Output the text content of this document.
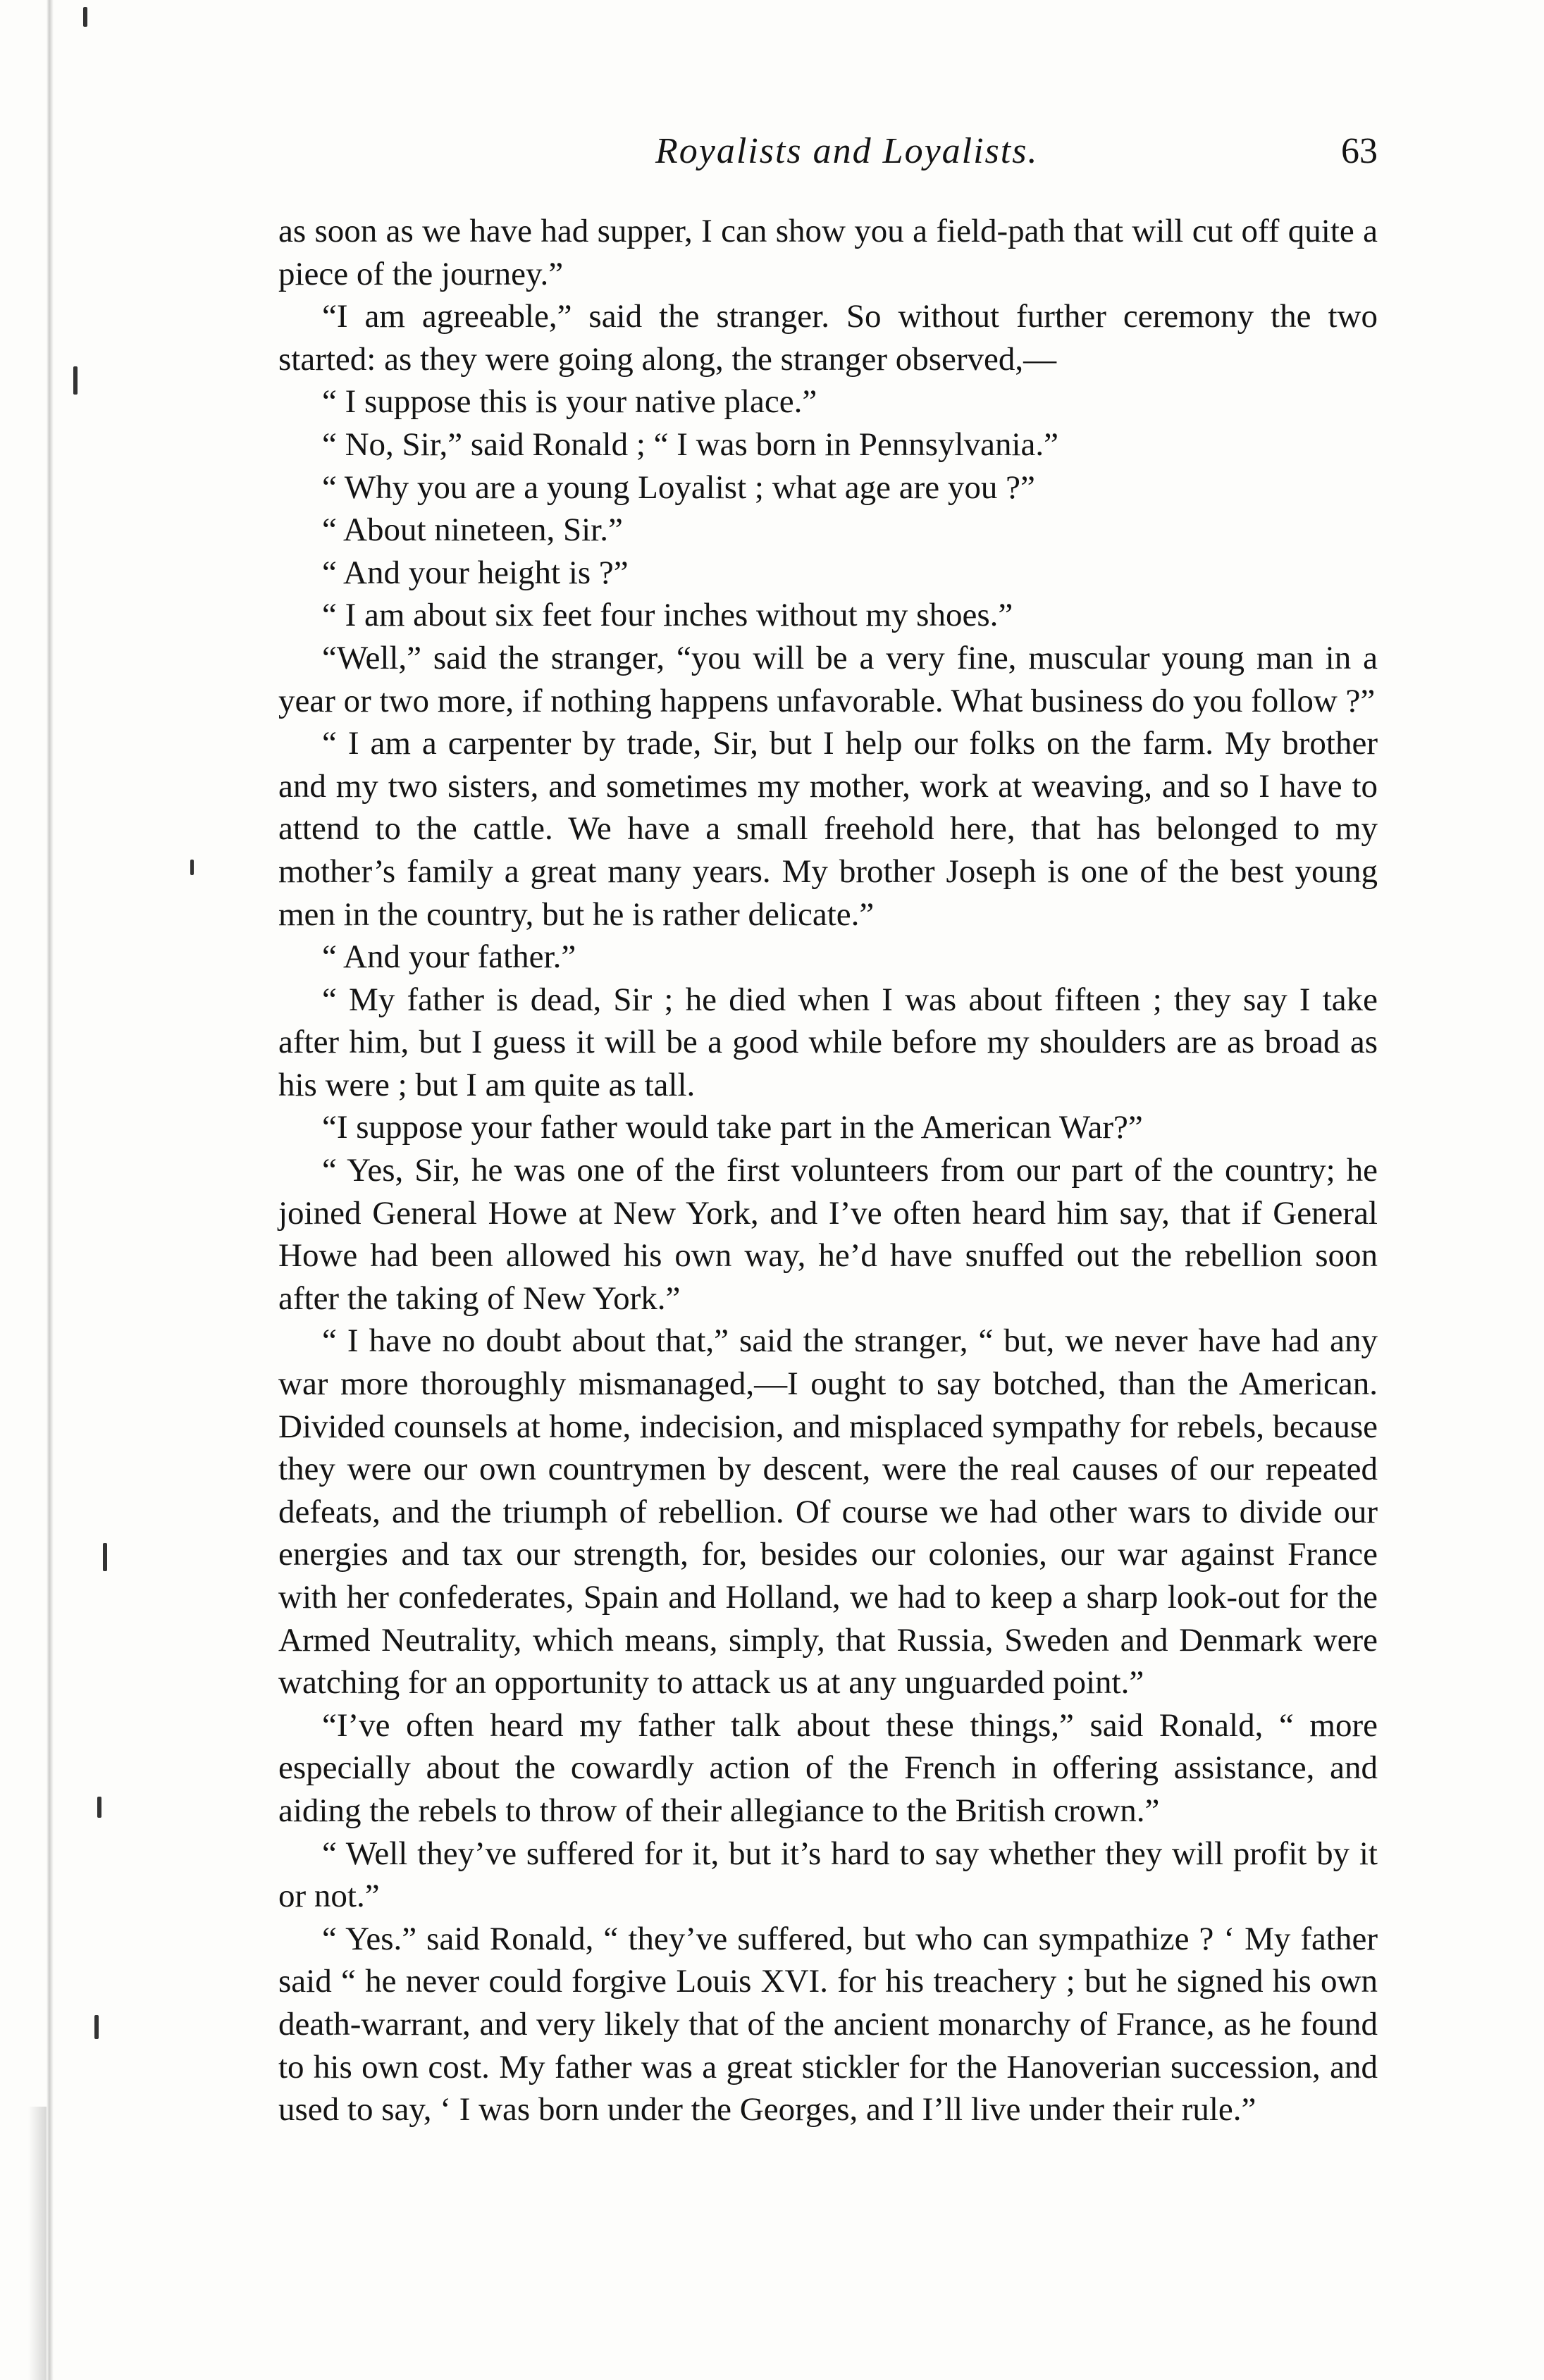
Royalists and Loyalists.	63

as soon as we have had supper, I can show you a field-path that will cut off quite a piece of the journey.”

“I am agreeable,” said the stranger. So without further ceremony the two started: as they were going along, the stranger observed,—

“ I suppose this is your native place.”

“ No, Sir,” said Ronald ; “ I was born in Pennsylvania.”

“ Why you are a young Loyalist ; what age are you ?”

“ About nineteen, Sir.”

“ And your height is ?”

“ I am about six feet four inches without my shoes.”

“Well,” said the stranger, “you will be a very fine, muscular young man in a year or two more, if nothing happens unfavorable. What business do you follow ?”

“ I am a carpenter by trade, Sir, but I help our folks on the farm. My brother and my two sisters, and sometimes my mother, work at weaving, and so I have to attend to the cattle. We have a small freehold here, that has belonged to my mother’s family a great many years. My brother Joseph is one of the best young men in the country, but he is rather delicate.”

“ And your father.”

“ My father is dead, Sir ; he died when I was about fifteen ; they say I take after him, but I guess it will be a good while before my shoulders are as broad as his were ; but I am quite as tall.

“I suppose your father would take part in the American War?”

“ Yes, Sir, he was one of the first volunteers from our part of the country; he joined General Howe at New York, and I’ve often heard him say, that if General Howe had been allowed his own way, he’d have snuffed out the rebellion soon after the taking of New York.”

“ I have no doubt about that,” said the stranger, “ but, we never have had any war more thoroughly mismanaged,—I ought to say botched, than the American. Divided counsels at home, indecision, and misplaced sympathy for rebels, because they were our own countrymen by descent, were the real causes of our repeated defeats, and the triumph of rebellion. Of course we had other wars to divide our energies and tax our strength, for, besides our colonies, our war against France with her confederates, Spain and Holland, we had to keep a sharp look-out for the Armed Neutrality, which means, simply, that Russia, Sweden and Denmark were watching for an opportunity to attack us at any unguarded point.”

“I’ve often heard my father talk about these things,” said Ronald, “ more especially about the cowardly action of the French in offering assistance, and aiding the rebels to throw of their allegiance to the British crown.”

“ Well they’ve suffered for it, but it’s hard to say whether they will profit by it or not.”

“ Yes.” said Ronald, “ they’ve suffered, but who can sympathize ? ‘ My father said “ he never could forgive Louis XVI. for his treachery ; but he signed his own death-warrant, and very likely that of the ancient monarchy of France, as he found to his own cost. My father was a great stickler for the Hanoverian succession, and used to say, ‘ I was born under the Georges, and I’ll live under their rule.”
